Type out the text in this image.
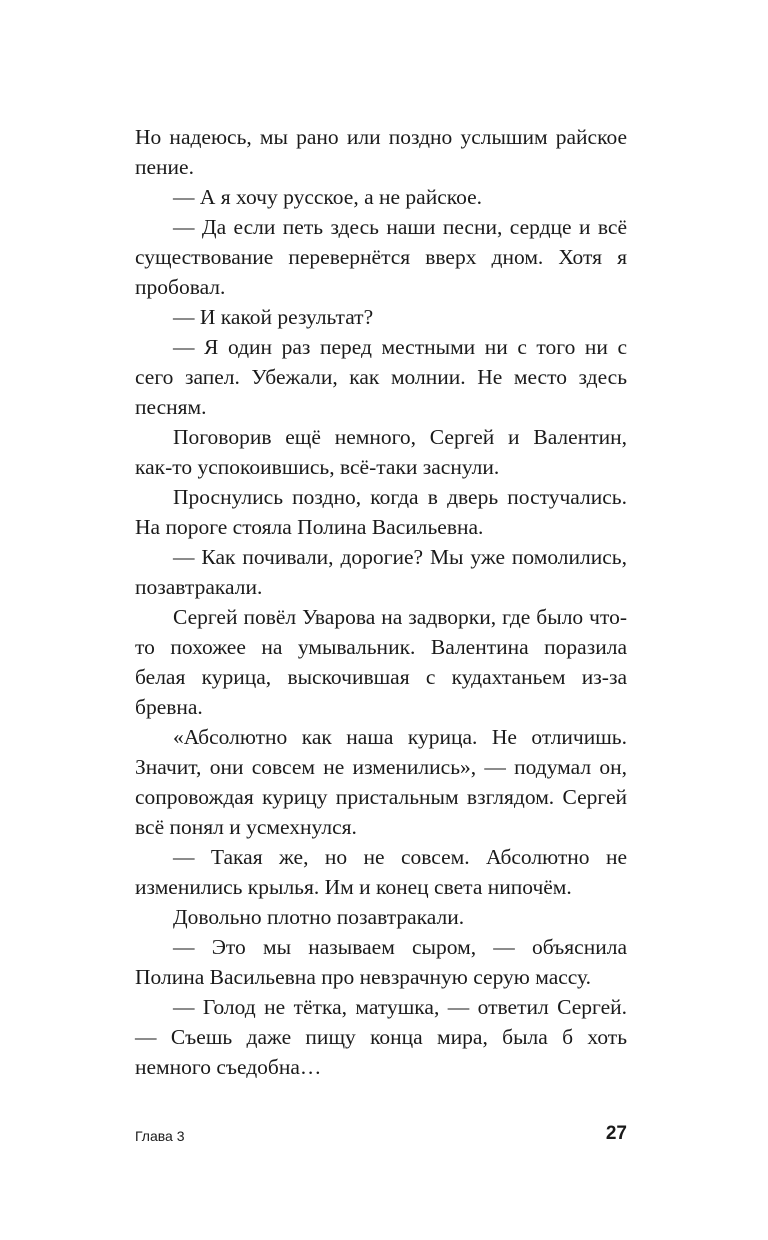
Но надеюсь, мы рано или поздно услышим райское пение.

— А я хочу русское, а не райское.

— Да если петь здесь наши песни, сердце и всё существование перевернётся вверх дном. Хотя я пробовал.

— И какой результат?

— Я один раз перед местными ни с того ни с сего запел. Убежали, как молнии. Не место здесь песням.

Поговорив ещё немного, Сергей и Валентин, как-то успокоившись, всё-таки заснули.

Проснулись поздно, когда в дверь постучались. На пороге стояла Полина Васильевна.

— Как почивали, дорогие? Мы уже помолились, позавтракали.

Сергей повёл Уварова на задворки, где было что-то похожее на умывальник. Валентина поразила белая курица, выскочившая с кудахтаньем из-за бревна.

«Абсолютно как наша курица. Не отличишь. Значит, они совсем не изменились», — подумал он, сопровождая курицу пристальным взглядом. Сергей всё понял и усмехнулся.

— Такая же, но не совсем. Абсолютно не изменились крылья. Им и конец света нипочём.

Довольно плотно позавтракали.

— Это мы называем сыром, — объяснила Полина Васильевна про невзрачную серую массу.

— Голод не тётка, матушка, — ответил Сергей. — Съешь даже пищу конца мира, была б хоть немного съедобна…

Глава 3	27
